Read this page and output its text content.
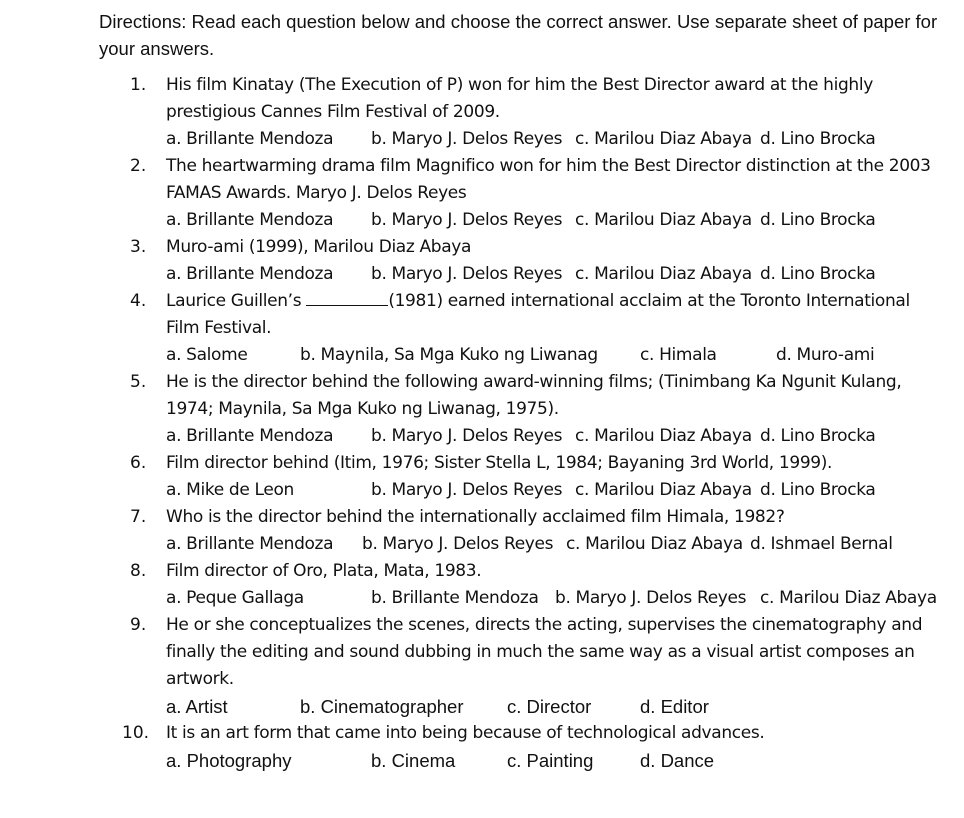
Directions: Read each question below and choose the correct answer. Use separate sheet of paper for your answers.
1. His film Kinatay (The Execution of P) won for him the Best Director award at the highly prestigious Cannes Film Festival of 2009.
a. Brillante Mendoza b. Maryo J. Delos Reyes c. Marilou Diaz Abaya d. Lino Brocka
2. The heartwarming drama film Magnifico won for him the Best Director distinction at the 2003 FAMAS Awards. Maryo J. Delos Reyes
a. Brillante Mendoza b. Maryo J. Delos Reyes c. Marilou Diaz Abaya d. Lino Brocka
3. Muro-ami (1999), Marilou Diaz Abaya
a. Brillante Mendoza b. Maryo J. Delos Reyes c. Marilou Diaz Abaya d. Lino Brocka
4. Laurice Guillen’s	(1981) earned international acclaim at the Toronto International Film Festival.
a. Salome	b. Maynila, Sa Mga Kuko ng Liwanag c. Himala	d. Muro-ami
5. He is the director behind the following award-winning films; (Tinimbang Ka Ngunit Kulang, 1974; Maynila, Sa Mga Kuko ng Liwanag, 1975).
a. Brillante Mendoza b. Maryo J. Delos Reyes c. Marilou Diaz Abaya d. Lino Brocka
6. Film director behind (Itim, 1976; Sister Stella L, 1984; Bayaning 3rd World, 1999).
a. Mike de Leon	b. Maryo J. Delos Reyes c. Marilou Diaz Abaya d. Lino Brocka
7. Who is the director behind the internationally acclaimed film Himala, 1982?
a. Brillante Mendoza b. Maryo J. Delos Reyes c. Marilou Diaz Abaya d. Ishmael Bernal
8. Film director of Oro, Plata, Mata, 1983.
a. Peque Gallaga	b. Brillante Mendoza b. Maryo J. Delos Reyes c. Marilou Diaz Abaya
9. He or she conceptualizes the scenes, directs the acting, supervises the cinematography and finally the editing and sound dubbing in much the same way as a visual artist composes an artwork.
a. Artist	b. Cinematographer c. Director	d. Editor
10. It is an art form that came into being because of technological advances.
a. Photography	b. Cinema	c. Painting	d. Dance
